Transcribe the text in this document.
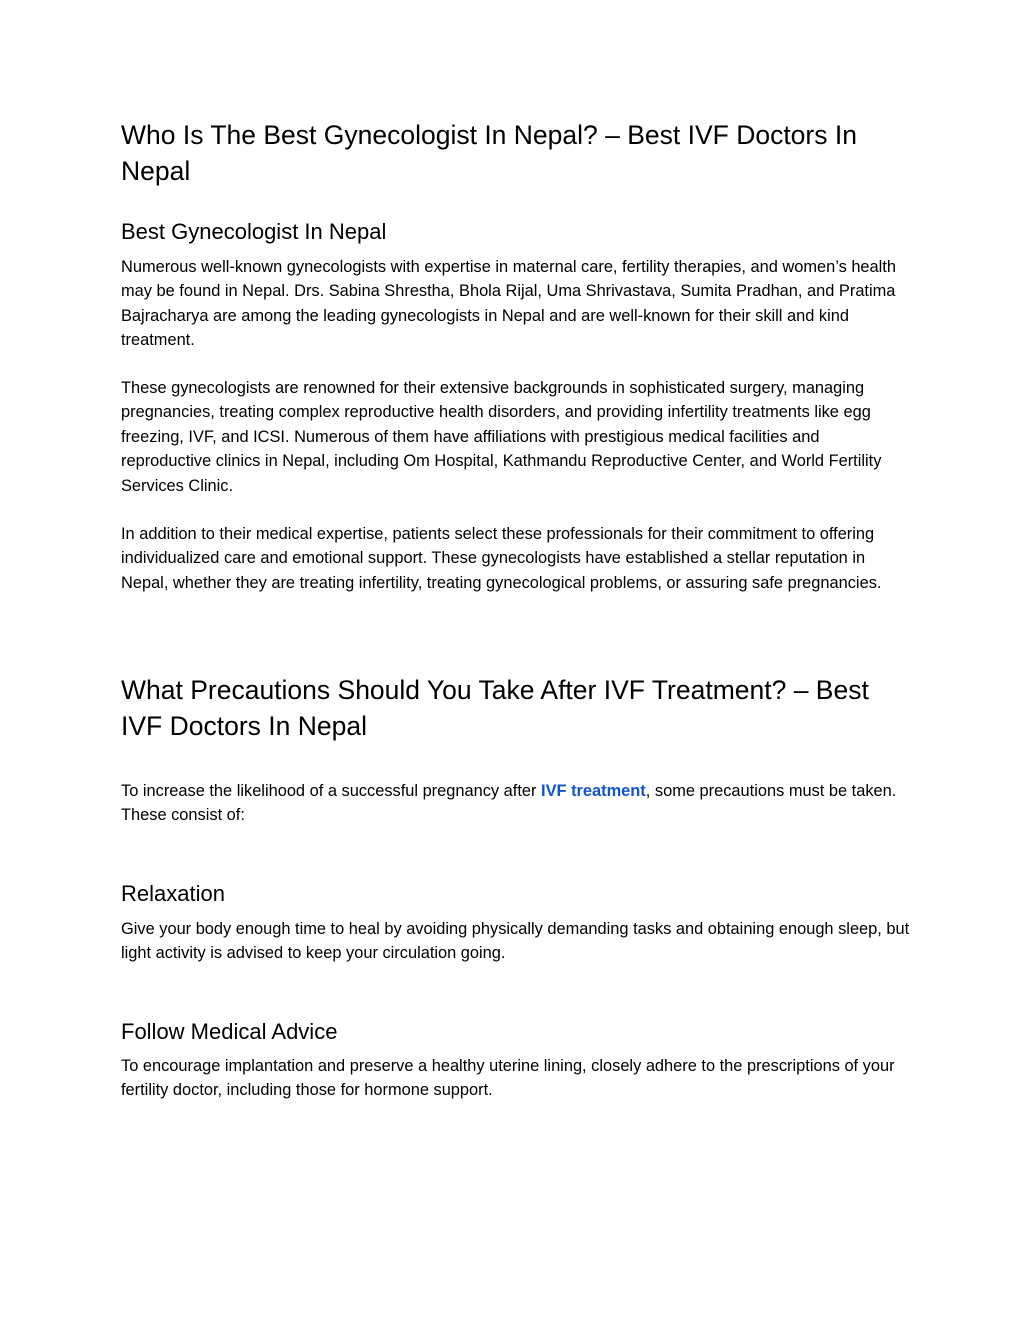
Who Is The Best Gynecologist In Nepal? – Best IVF Doctors In Nepal
Best Gynecologist In Nepal

Numerous well-known gynecologists with expertise in maternal care, fertility therapies, and women’s health may be found in Nepal. Drs. Sabina Shrestha, Bhola Rijal, Uma Shrivastava, Sumita Pradhan, and Pratima Bajracharya are among the leading gynecologists in Nepal and are well-known for their skill and kind treatment.

These gynecologists are renowned for their extensive backgrounds in sophisticated surgery, managing pregnancies, treating complex reproductive health disorders, and providing infertility treatments like egg freezing, IVF, and ICSI. Numerous of them have affiliations with prestigious medical facilities and reproductive clinics in Nepal, including Om Hospital, Kathmandu Reproductive Center, and World Fertility Services Clinic.

In addition to their medical expertise, patients select these professionals for their commitment to offering individualized care and emotional support. These gynecologists have established a stellar reputation in Nepal, whether they are treating infertility, treating gynecological problems, or assuring safe pregnancies.

What Precautions Should You Take After IVF Treatment? – Best IVF Doctors In Nepal

To increase the likelihood of a successful pregnancy after IVF treatment, some precautions must be taken. These consist of:

Relaxation

Give your body enough time to heal by avoiding physically demanding tasks and obtaining enough sleep, but light activity is advised to keep your circulation going.

Follow Medical Advice

To encourage implantation and preserve a healthy uterine lining, closely adhere to the prescriptions of your fertility doctor, including those for hormone support.
